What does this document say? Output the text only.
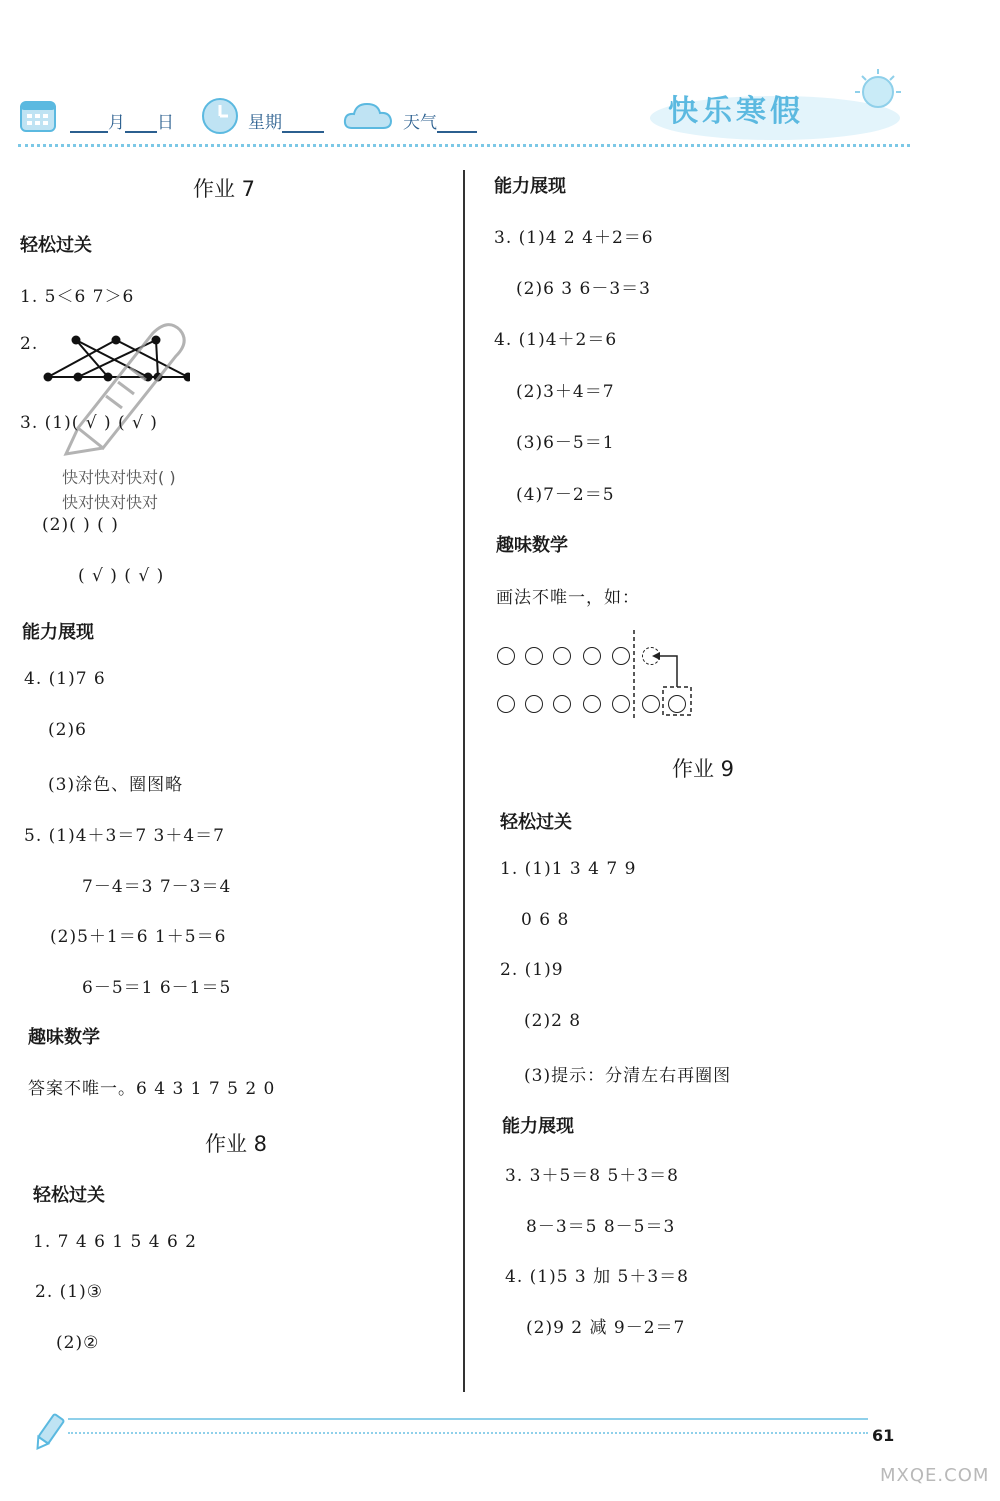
月 日	星期	天气	快乐寒假
作业 7
轻松过关
1. 5＜6 7＞6
2.
3. (1)( √ ) ( √ )
快对快对快对( )
快对快对快对
(2)( ) ( )
( √ ) ( √ )
能力展现
4. (1)7 6
(2)6
(3)涂色、圈图略
5. (1)4＋3＝7 3＋4＝7
7－4＝3 7－3＝4
(2)5＋1＝6 1＋5＝6
6－5＝1 6－1＝5
趣味数学
答案不唯一。6 4 3 1 7 5 2 0
作业 8
轻松过关
1. 7 4 6 1 5 4 6 2
2. (1)③
(2)②
能力展现
3. (1)4 2 4＋2＝6
(2)6 3 6－3＝3
4. (1)4＋2＝6
(2)3＋4＝7
(3)6－5＝1
(4)7－2＝5
趣味数学
画法不唯一，如：
作业 9
轻松过关
1. (1)1 3 4 7 9
0 6 8
2. (1)9
(2)2 8
(3)提示：分清左右再圈图
能力展现
3. 3＋5＝8 5＋3＝8
8－3＝5 8－5＝3
4. (1)5 3 加 5＋3＝8
(2)9 2 减 9－2＝7
61
MXQE.COM
